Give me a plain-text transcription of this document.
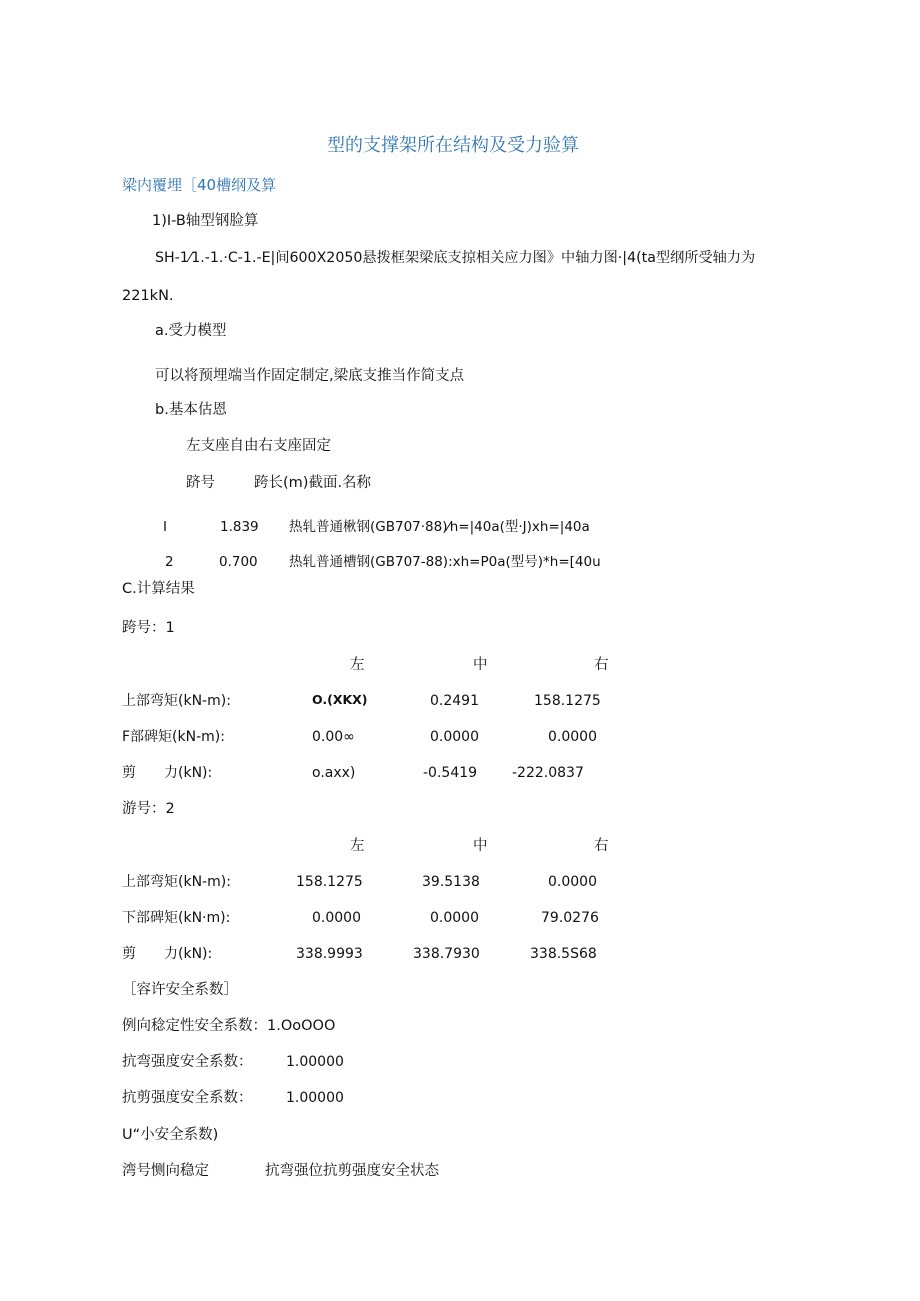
型的支撑架所在结构及受力验算
梁内覆埋［40槽纲及算
1)I-B轴型钢脸算
SH-1⁄1.-1.·C-1.-E|间600X2050悬拨框架梁底支掠相关应力图》中轴力图·|4(ta型纲所受轴力为
221kN.
a.受力模型
可以将预埋端当作固定制定,梁底支推当作简支点
b.基本估恩
左支座自由右支座固定
跻号	跨长(m)截面.名称
I	1.839 热轧普通楸钢(GB707·88)⁄h=|40a(型·J)xh=|40a
2	0.700 热轧普通槽钢(GB707-88):xh=P0a(型号)*h=[40u
C.计算结果
跨号：1
左	中	右
上部弯矩(kN-m):	O.(XKX)	0.2491	158.1275
F部碑矩(kN-m):	0.00∞	0.0000	0.0000
剪　　力(kN):	o.axx)	-0.5419 -222.0837
游号：2
左	中	右
上部弯矩(kN-m):	158.1275	39.5138	0.0000
下部碑矩(kN·m):	0.0000	0.0000	79.0276
剪　　力(kN):	338.9993	338.7930	338.5S68
［容许安全系数］
例向稔定性安全系数：1.OoOOO
抗弯强度安全系数： 1.00000
抗剪强度安全系数： 1.00000
U“小安全系数)
湾号恻向稳定	抗弯强位抗剪强度安全状态
